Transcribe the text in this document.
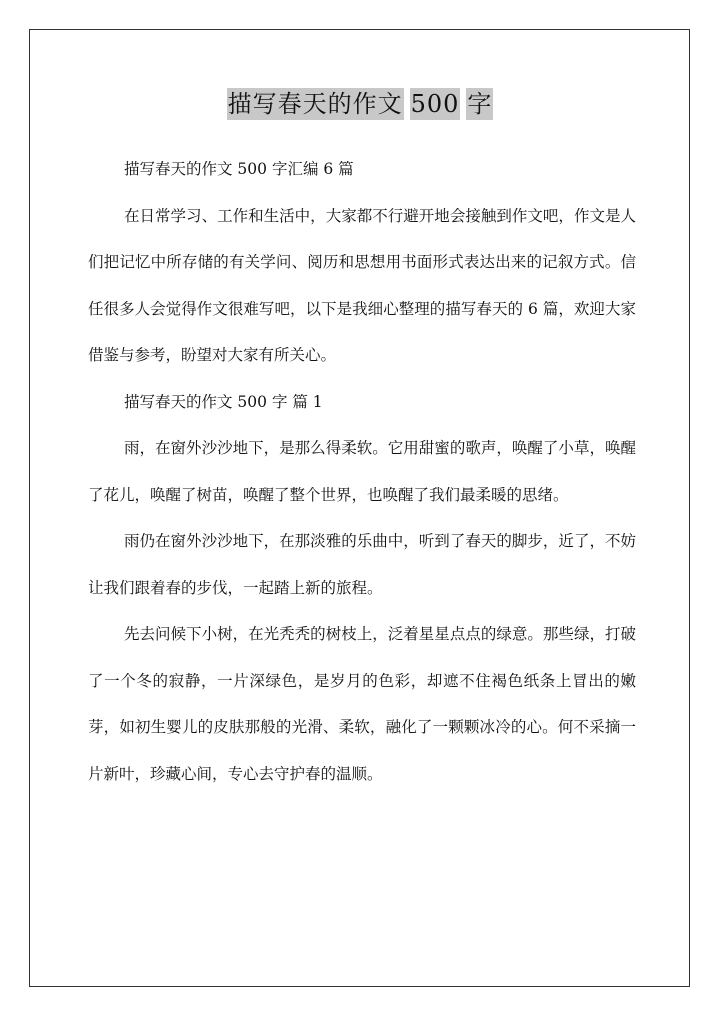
描写春天的作文 500 字

描写春天的作文 500 字汇编 6 篇

在日常学习、工作和生活中，大家都不行避开地会接触到作文吧，作文是人们把记忆中所存储的有关学问、阅历和思想用书面形式表达出来的记叙方式。信任很多人会觉得作文很难写吧，以下是我细心整理的描写春天的 6 篇，欢迎大家借鉴与参考，盼望对大家有所关心。

描写春天的作文 500 字 篇 1

雨，在窗外沙沙地下，是那么得柔软。它用甜蜜的歌声，唤醒了小草，唤醒了花儿，唤醒了树苗，唤醒了整个世界，也唤醒了我们最柔暖的思绪。

雨仍在窗外沙沙地下，在那淡雅的乐曲中，听到了春天的脚步，近了，不妨让我们跟着春的步伐，一起踏上新的旅程。

先去问候下小树，在光秃秃的树枝上，泛着星星点点的绿意。那些绿，打破了一个冬的寂静，一片深绿色，是岁月的色彩，却遮不住褐色纸条上冒出的嫩芽，如初生婴儿的皮肤那般的光滑、柔软，融化了一颗颗冰冷的心。何不采摘一片新叶，珍藏心间，专心去守护春的温顺。
